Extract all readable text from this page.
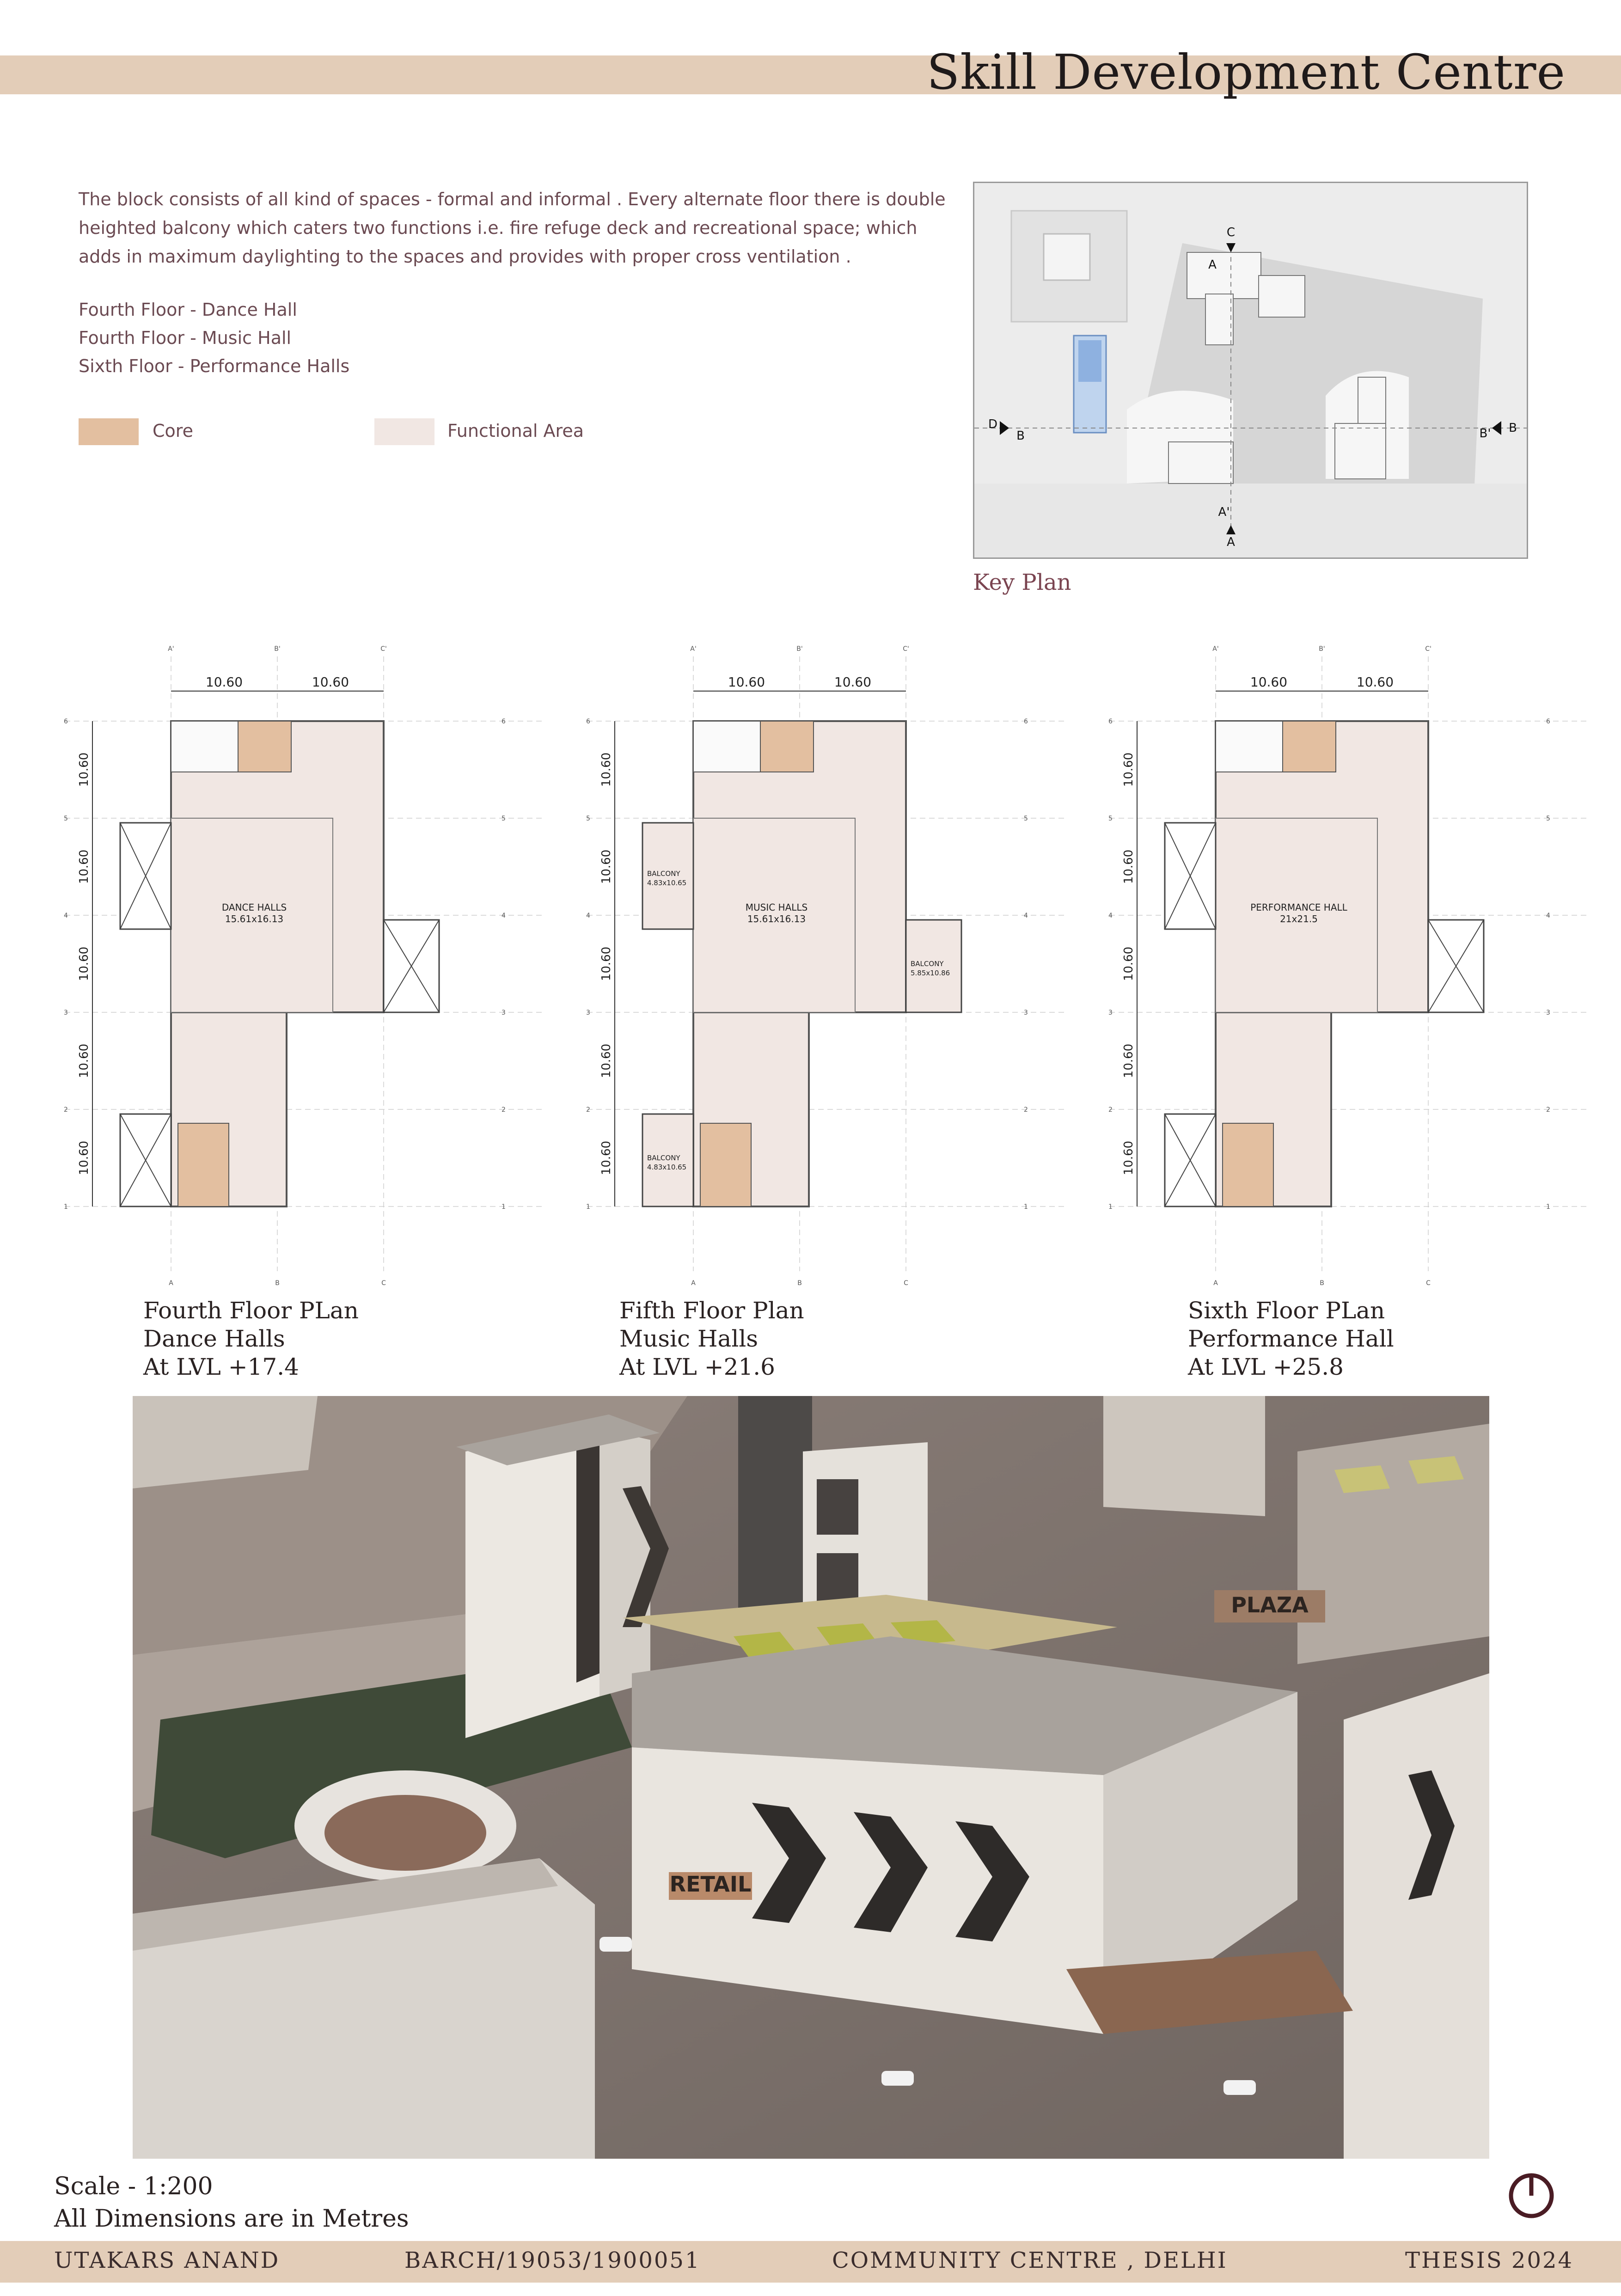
Skill Development Centre
The block consists of all kind of spaces - formal and informal . Every alternate floor there is double heighted balcony which caters two functions i.e. fire refuge deck and recreational space; which adds in maximum daylighting to the spaces and provides with proper cross ventilation .
Fourth Floor - Dance Hall
Fourth Floor - Music Hall
Sixth Floor - Performance Halls
Core	Functional Area
C
A
A'
A
D
B	B' B
Key Plan
A'	B'	C'
A	B	C
6	6
5	5
4	4
3	3
2	2
1	1
10.60	10.60
10.60
10.60
10.60
10.60
10.60
DANCE HALLS
15.61x16.13
A'	B'	C'
A	B	C
6	6
5	5
4	4
3	3
2	2
1	1
10.60	10.60
10.60
10.60
10.60
10.60
10.60
MUSIC HALLS
15.61x16.13
BALCONY
4.83x10.65
BALCONY
5.85x10.86
BALCONY
4.83x10.65
A'	B'	C'
A	B	C
6	6
5	5
4	4
3	3
2	2
1	1
10.60	10.60
10.60
10.60
10.60
10.60
10.60
PERFORMANCE HALL
21x21.5
Fourth Floor PLan
Dance Halls
At LVL +17.4
Fifth Floor Plan
Music Halls
At LVL +21.6
Sixth Floor PLan
Performance Hall
At LVL +25.8
RETAIL
PLAZA
Scale - 1:200
All Dimensions are in Metres
UTAKARS ANAND	BARCH/19053/1900051	COMMUNITY CENTRE , DELHI	THESIS 2024
